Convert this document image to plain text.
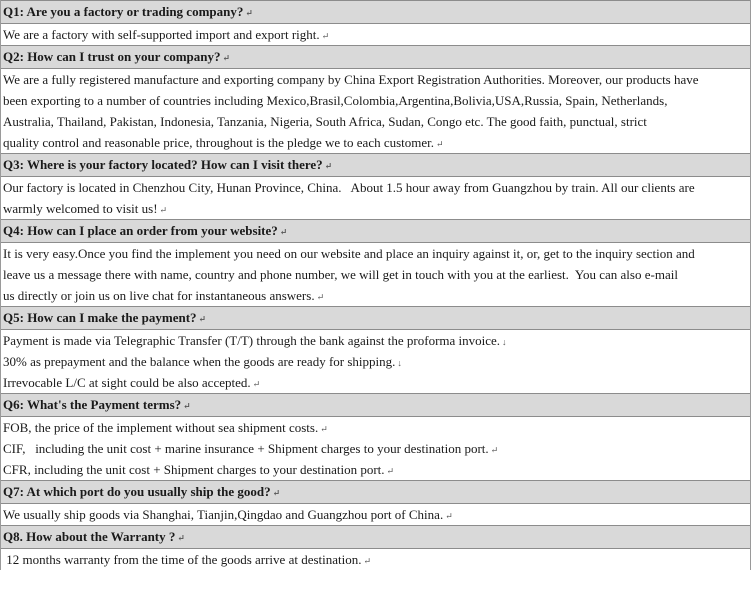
Q1: Are you a factory or trading company? ↵
We are a factory with self-supported import and export right. ↵
Q2: How can I trust on your company? ↵
We are a fully registered manufacture and exporting company by China Export Registration Authorities. Moreover, our products have
been exporting to a number of countries including Mexico,Brasil,Colombia,Argentina,Bolivia,USA,Russia, Spain, Netherlands,
Australia, Thailand, Pakistan, Indonesia, Tanzania, Nigeria, South Africa, Sudan, Congo etc. The good faith, punctual, strict
quality control and reasonable price, throughout is the pledge we to each customer. ↵
Q3: Where is your factory located? How can I visit there? ↵
Our factory is located in Chenzhou City, Hunan Province, China.   About 1.5 hour away from Guangzhou by train. All our clients are
warmly welcomed to visit us! ↵
Q4: How can I place an order from your website? ↵
It is very easy.Once you find the implement you need on our website and place an inquiry against it, or, get to the inquiry section and
leave us a message there with name, country and phone number, we will get in touch with you at the earliest.  You can also e-mail
us directly or join us on live chat for instantaneous answers. ↵
Q5: How can I make the payment? ↵
Payment is made via Telegraphic Transfer (T/T) through the bank against the proforma invoice. ↓
30% as prepayment and the balance when the goods are ready for shipping. ↓
Irrevocable L/C at sight could be also accepted. ↵
Q6: What's the Payment terms? ↵
FOB, the price of the implement without sea shipment costs. ↵
CIF,   including the unit cost + marine insurance + Shipment charges to your destination port. ↵
CFR, including the unit cost + Shipment charges to your destination port. ↵
Q7: At which port do you usually ship the good? ↵
We usually ship goods via Shanghai, Tianjin,Qingdao and Guangzhou port of China. ↵
Q8. How about the Warranty ? ↵
12 months warranty from the time of the goods arrive at destination. ↵
